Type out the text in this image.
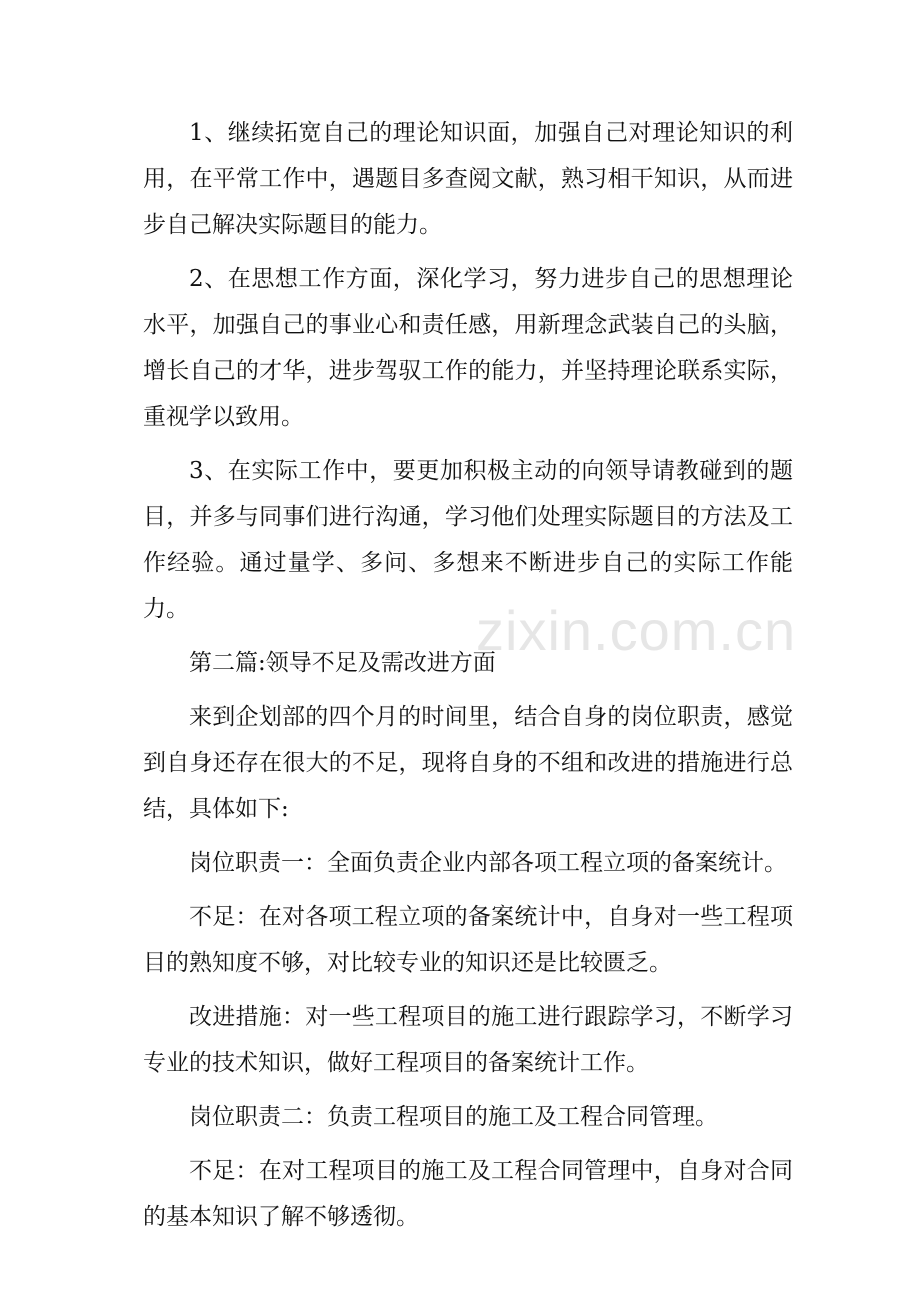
zixin.com.cn

1、继续拓宽自己的理论知识面，加强自己对理论知识的利用，在平常工作中，遇题目多查阅文献，熟习相干知识，从而进步自己解决实际题目的能力。

2、在思想工作方面，深化学习，努力进步自己的思想理论水平，加强自己的事业心和责任感，用新理念武装自己的头脑，增长自己的才华，进步驾驭工作的能力，并坚持理论联系实际，重视学以致用。

3、在实际工作中，要更加积极主动的向领导请教碰到的题目，并多与同事们进行沟通，学习他们处理实际题目的方法及工作经验。通过量学、多问、多想来不断进步自己的实际工作能力。

第二篇:领导不足及需改进方面

来到企划部的四个月的时间里，结合自身的岗位职责，感觉到自身还存在很大的不足，现将自身的不组和改进的措施进行总结，具体如下:

岗位职责一：全面负责企业内部各项工程立项的备案统计。

不足：在对各项工程立项的备案统计中，自身对一些工程项目的熟知度不够，对比较专业的知识还是比较匮乏。

改进措施：对一些工程项目的施工进行跟踪学习，不断学习专业的技术知识，做好工程项目的备案统计工作。

岗位职责二：负责工程项目的施工及工程合同管理。

不足：在对工程项目的施工及工程合同管理中，自身对合同的基本知识了解不够透彻。
